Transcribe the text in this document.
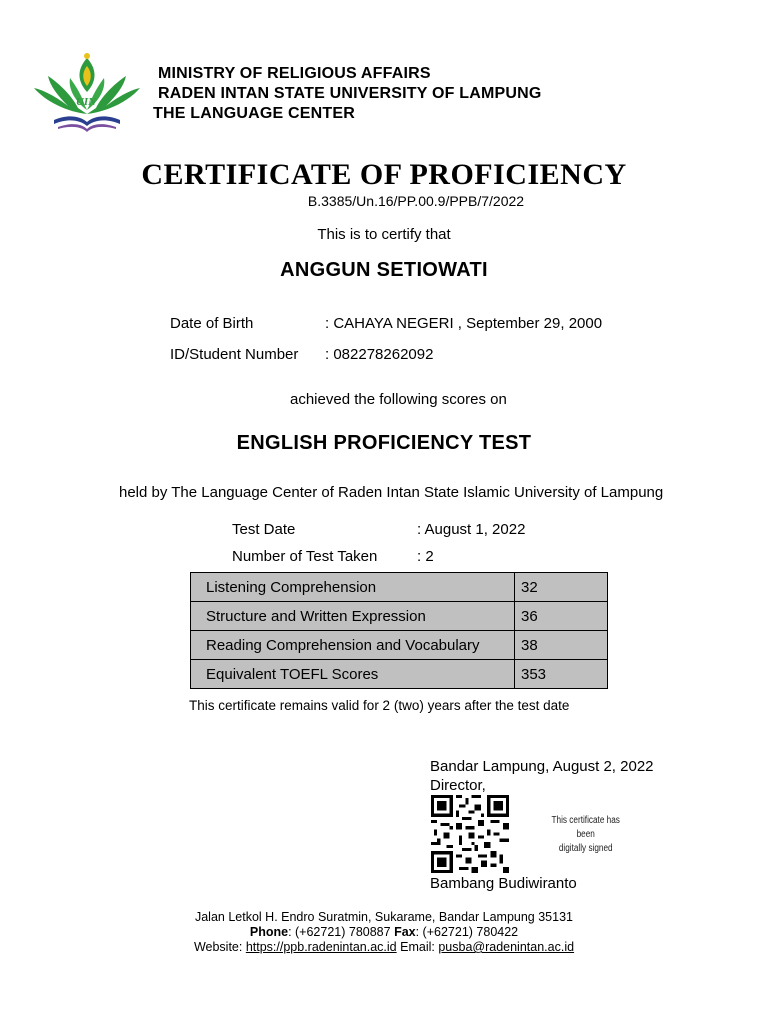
UIN
MINISTRY OF RELIGIOUS AFFAIRS
RADEN INTAN STATE UNIVERSITY OF LAMPUNG
THE LANGUAGE CENTER
CERTIFICATE OF PROFICIENCY
B.3385/Un.16/PP.00.9/PPB/7/2022
This is to certify that
ANGGUN SETIOWATI
Date of Birth	: CAHAYA NEGERI , September 29, 2000
ID/Student Number : 082278262092
achieved the following scores on
ENGLISH PROFICIENCY TEST
held by The Language Center of Raden Intan State Islamic University of Lampung
Test Date	: August 1, 2022
Number of Test Taken	: 2
Listening Comprehension	32
Structure and Written Expression	36
Reading Comprehension and Vocabulary	38
Equivalent TOEFL Scores	353
This certificate remains valid for 2 (two) years after the test date
Bandar Lampung, August 2, 2022
Director,
This certificate has been
digitally signed
Bambang Budiwiranto
Jalan Letkol H. Endro Suratmin, Sukarame, Bandar Lampung 35131
Phone: (+62721) 780887 Fax: (+62721) 780422
Website: https://ppb.radenintan.ac.id Email: pusba@radenintan.ac.id
